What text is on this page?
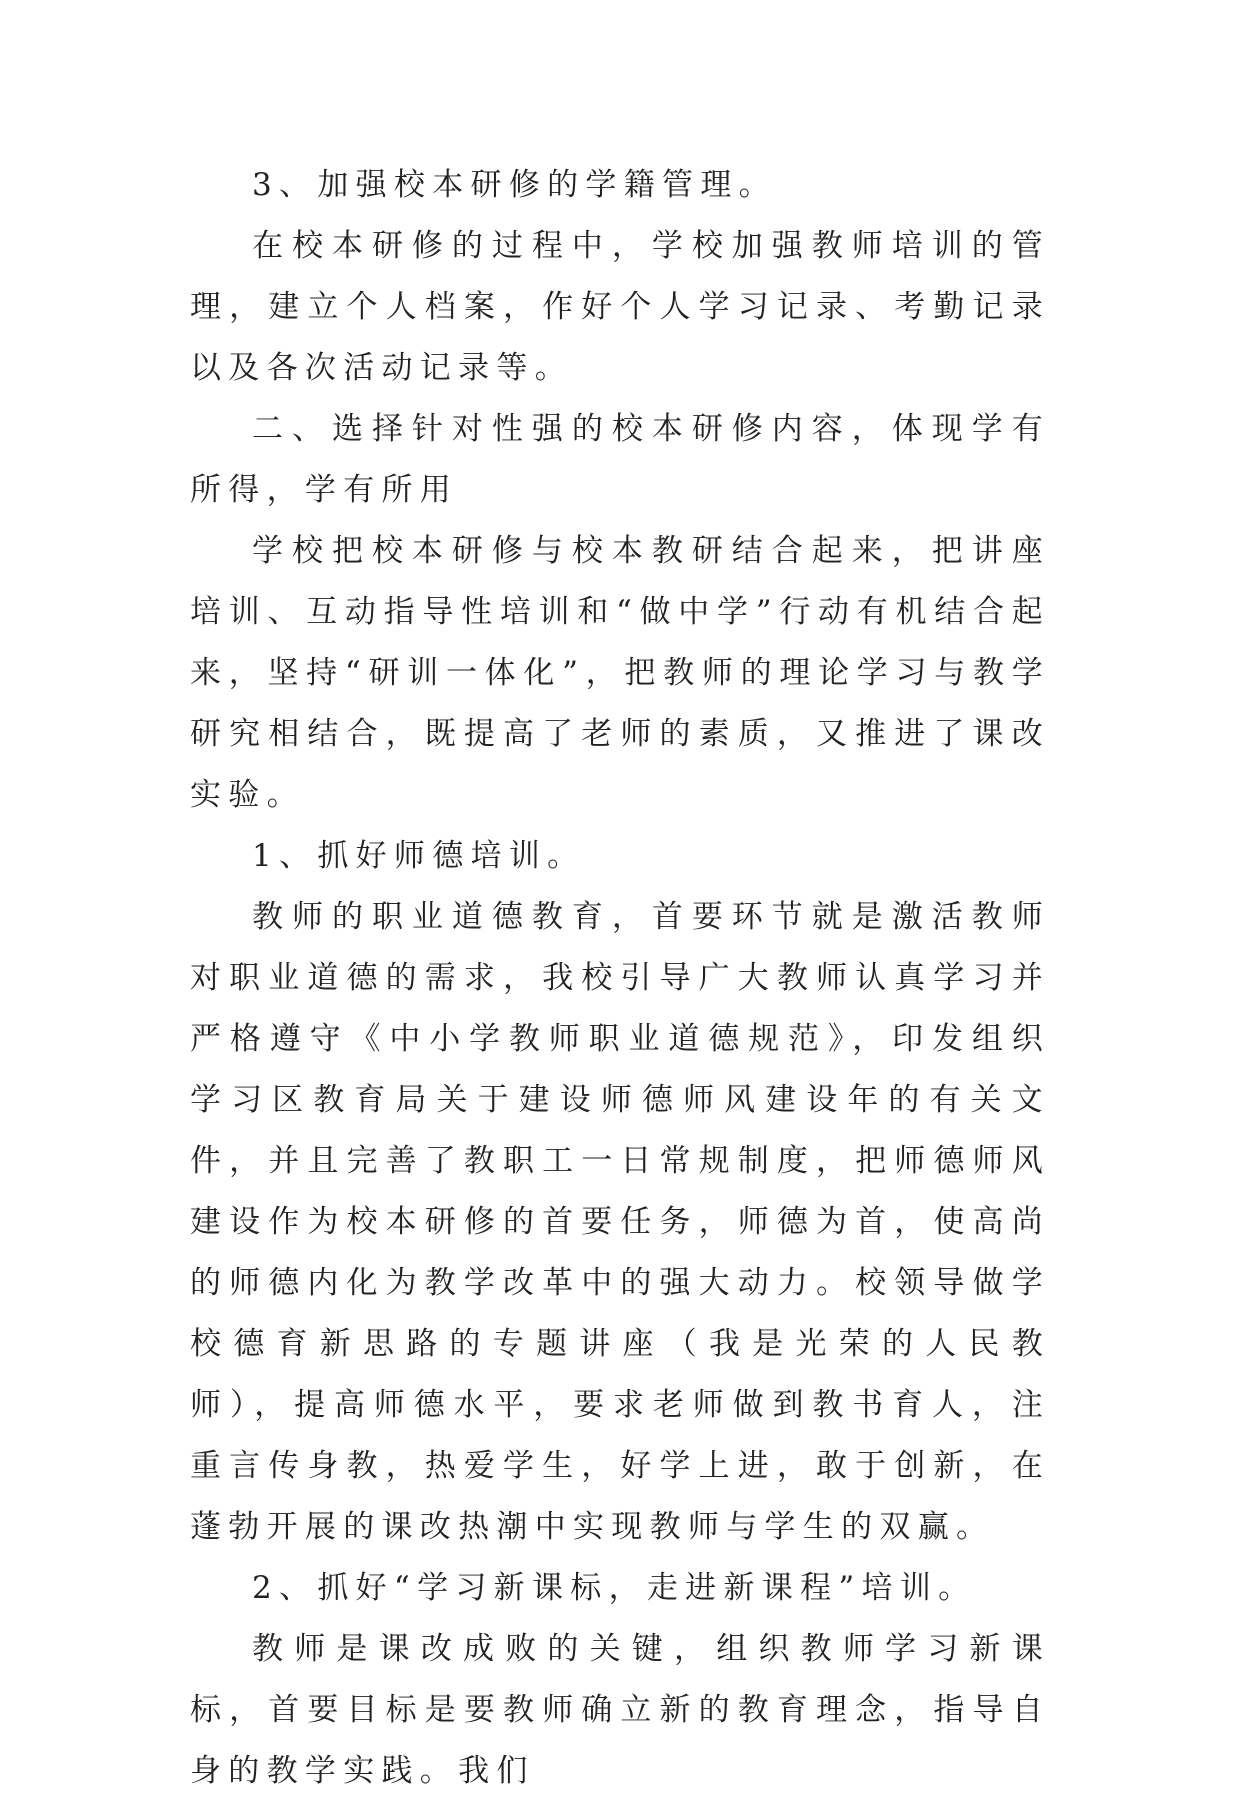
3、加强校本研修的学籍管理。

在校本研修的过程中，学校加强教师培训的管理，建立个人档案，作好个人学习记录、考勤记录以及各次活动记录等。

二、选择针对性强的校本研修内容，体现学有所得，学有所用

学校把校本研修与校本教研结合起来，把讲座培训、互动指导性培训和“做中学”行动有机结合起来，坚持“研训一体化”，把教师的理论学习与教学研究相结合，既提高了老师的素质，又推进了课改实验。

1、抓好师德培训。

教师的职业道德教育，首要环节就是激活教师对职业道德的需求，我校引导广大教师认真学习并严格遵守《中小学教师职业道德规范》，印发组织学习区教育局关于建设师德师风建设年的有关文件，并且完善了教职工一日常规制度，把师德师风建设作为校本研修的首要任务，师德为首，使高尚的师德内化为教学改革中的强大动力。校领导做学校德育新思路的专题讲座（我是光荣的人民教师），提高师德水平，要求老师做到教书育人，注重言传身教，热爱学生，好学上进，敢于创新，在蓬勃开展的课改热潮中实现教师与学生的双赢。

2、抓好“学习新课标，走进新课程”培训。

教师是课改成败的关键，组织教师学习新课标，首要目标是要教师确立新的教育理念，指导自身的教学实践。我们
